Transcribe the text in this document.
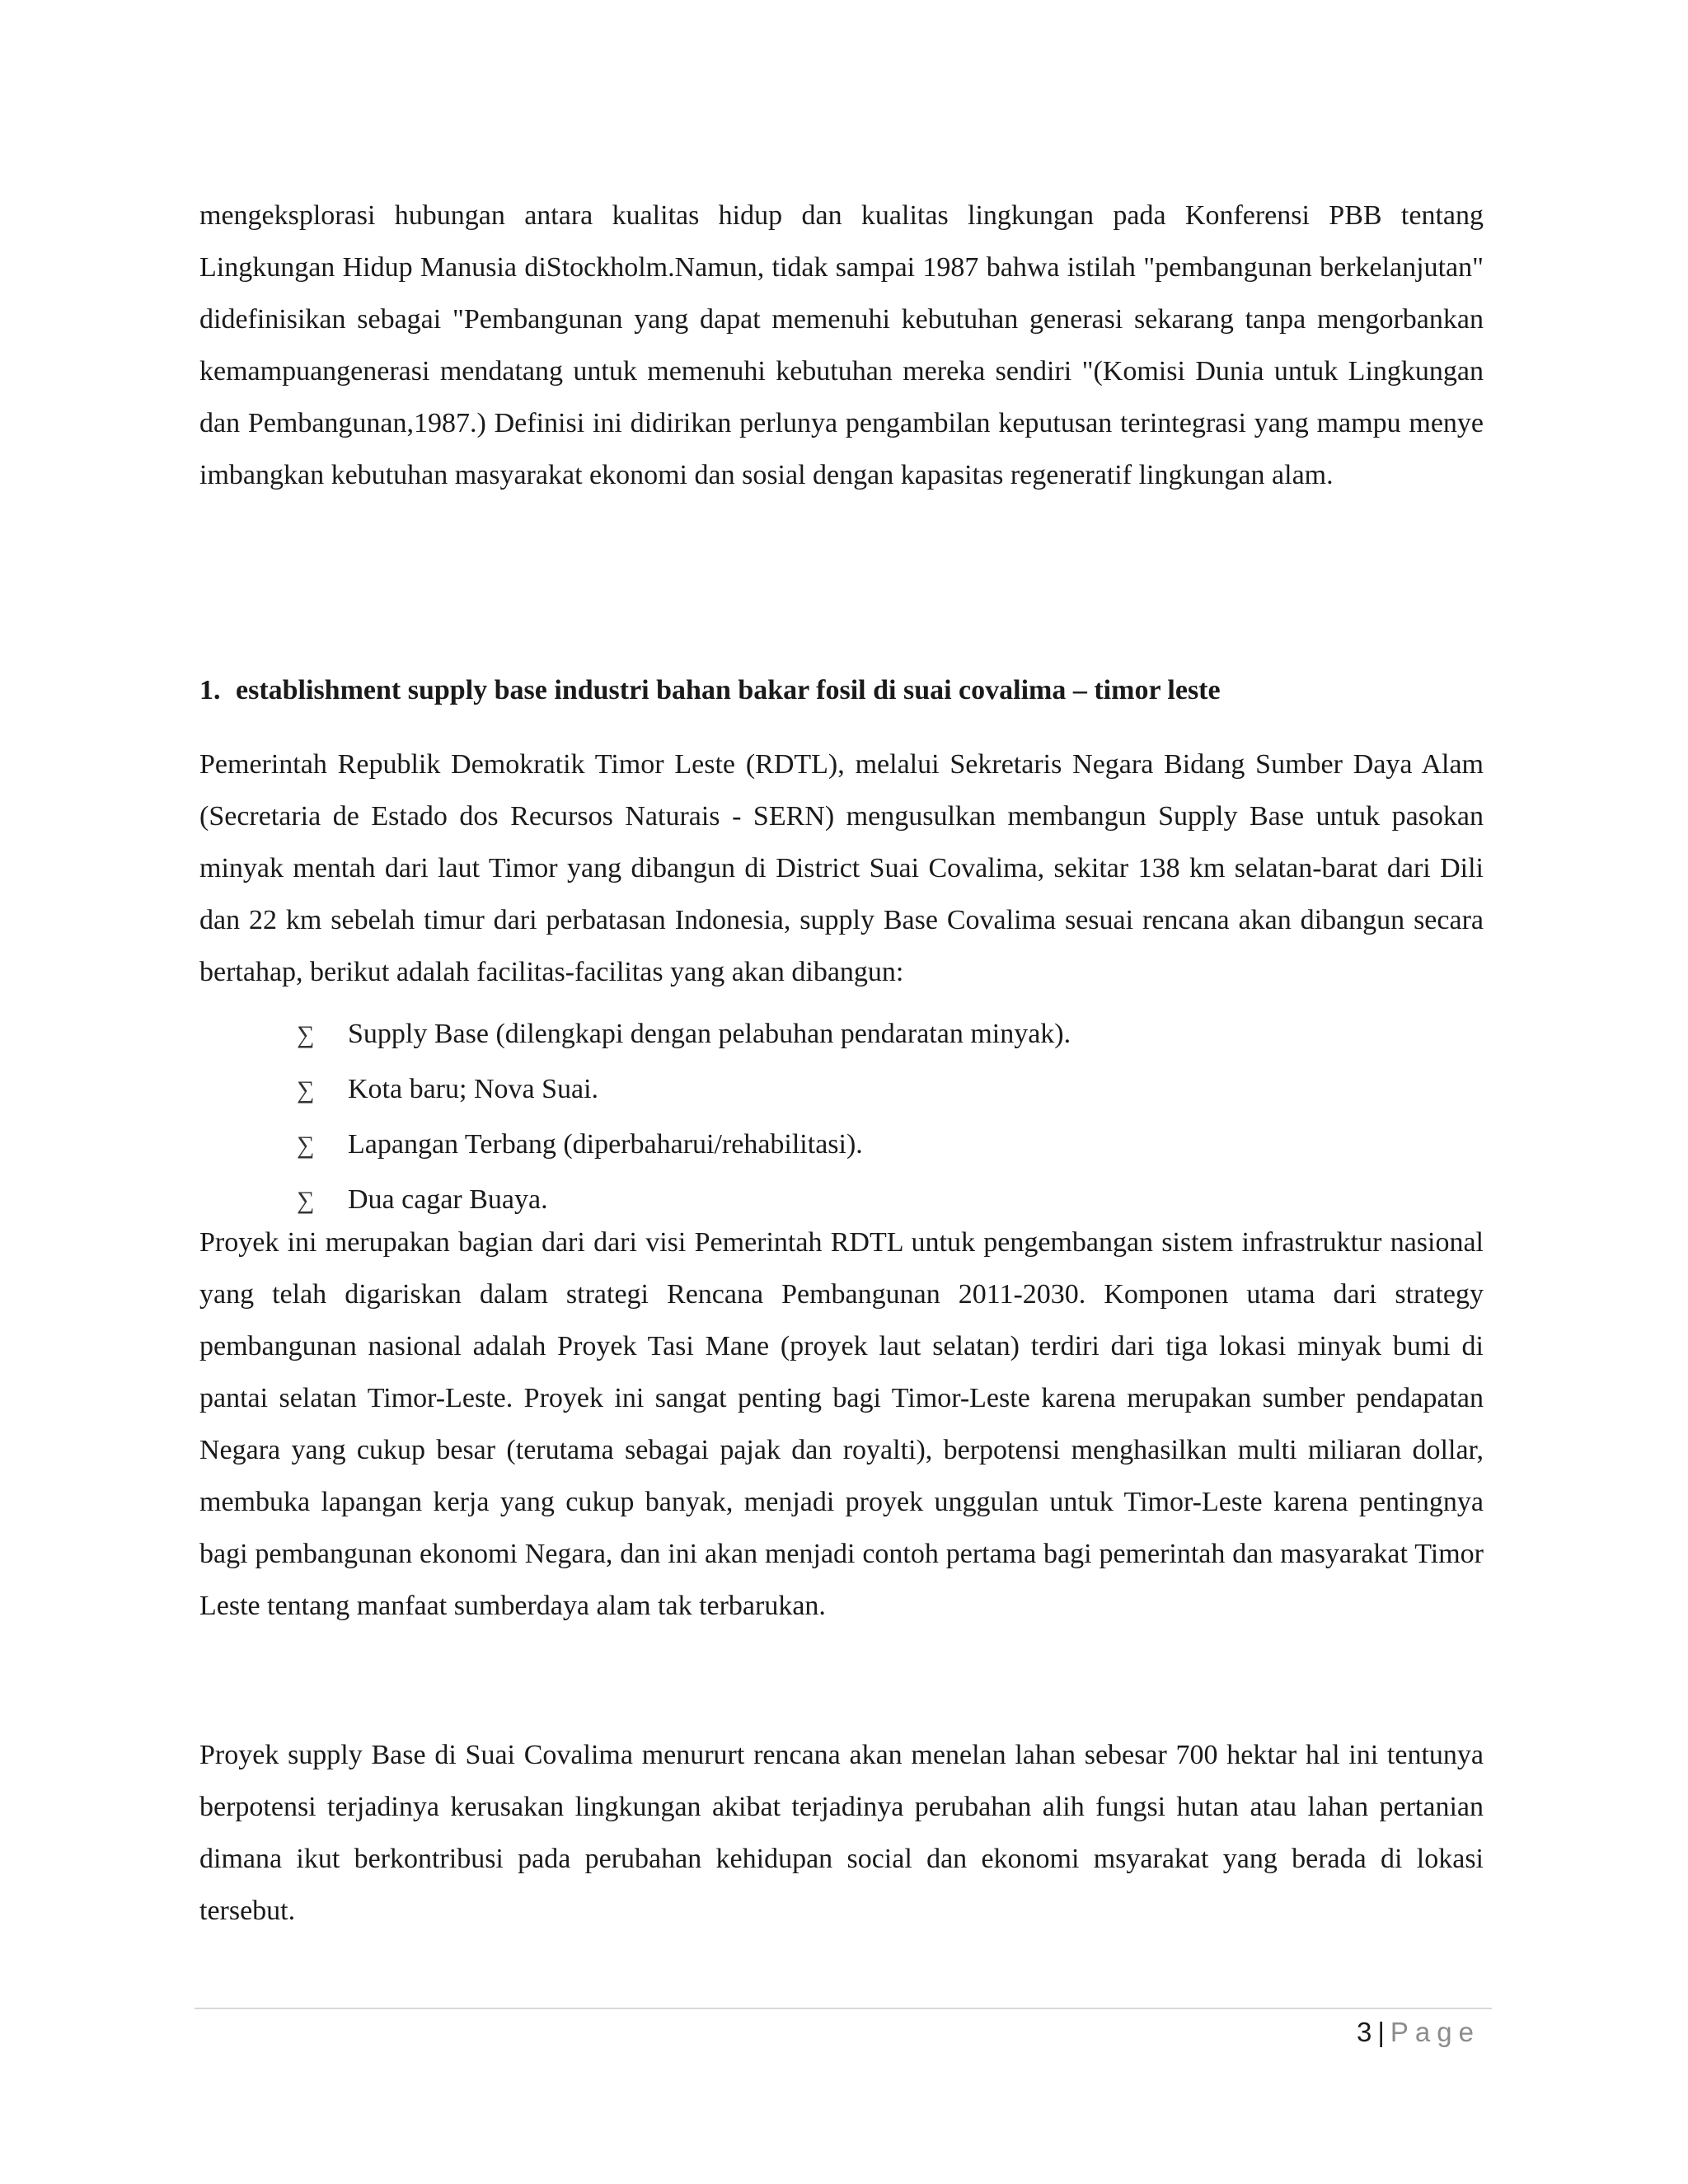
mengeksplorasi hubungan antara kualitas hidup dan kualitas lingkungan pada Konferensi PBB tentang Lingkungan Hidup Manusia diStockholm.Namun, tidak sampai 1987 bahwa istilah "pembangunan berkelanjutan" didefinisikan sebagai "Pembangunan yang dapat memenuhi kebutuhan generasi sekarang tanpa mengorbankan kemampuangenerasi mendatang untuk memenuhi kebutuhan mereka sendiri "(Komisi Dunia untuk Lingkungan dan Pembangunan,1987.) Definisi ini didirikan perlunya pengambilan keputusan terintegrasi yang mampu menye imbangkan kebutuhan masyarakat ekonomi dan sosial dengan kapasitas regeneratif lingkungan alam.

1. establishment supply base industri bahan bakar fosil di suai covalima – timor leste

Pemerintah Republik Demokratik Timor Leste (RDTL), melalui Sekretaris Negara Bidang Sumber Daya Alam (Secretaria de Estado dos Recursos Naturais - SERN) mengusulkan membangun Supply Base untuk pasokan minyak mentah dari laut Timor yang dibangun di District Suai Covalima, sekitar 138 km selatan-barat dari Dili dan 22 km sebelah timur dari perbatasan Indonesia, supply Base Covalima sesuai rencana akan dibangun secara bertahap, berikut adalah facilitas-facilitas yang akan dibangun:

∑	Supply Base (dilengkapi dengan pelabuhan pendaratan minyak).
∑	Kota baru; Nova Suai.
∑	Lapangan Terbang (diperbaharui/rehabilitasi).
∑	Dua cagar Buaya.

Proyek ini merupakan bagian dari dari visi Pemerintah RDTL untuk pengembangan sistem infrastruktur nasional yang telah digariskan dalam strategi Rencana Pembangunan 2011-2030. Komponen utama dari strategy pembangunan nasional adalah Proyek Tasi Mane (proyek laut selatan) terdiri dari tiga lokasi minyak bumi di pantai selatan Timor-Leste. Proyek ini sangat penting bagi Timor-Leste karena merupakan sumber pendapatan Negara yang cukup besar (terutama sebagai pajak dan royalti), berpotensi menghasilkan multi miliaran dollar, membuka lapangan kerja yang cukup banyak, menjadi proyek unggulan untuk Timor-Leste karena pentingnya bagi pembangunan ekonomi Negara, dan ini akan menjadi contoh pertama bagi pemerintah dan masyarakat Timor Leste tentang manfaat sumberdaya alam tak terbarukan.

Proyek supply Base di Suai Covalima menururt rencana akan menelan lahan sebesar 700 hektar hal ini tentunya berpotensi terjadinya kerusakan lingkungan akibat terjadinya perubahan alih fungsi hutan atau lahan pertanian dimana ikut berkontribusi pada perubahan kehidupan social dan ekonomi msyarakat yang berada di lokasi tersebut.

3 | Page
